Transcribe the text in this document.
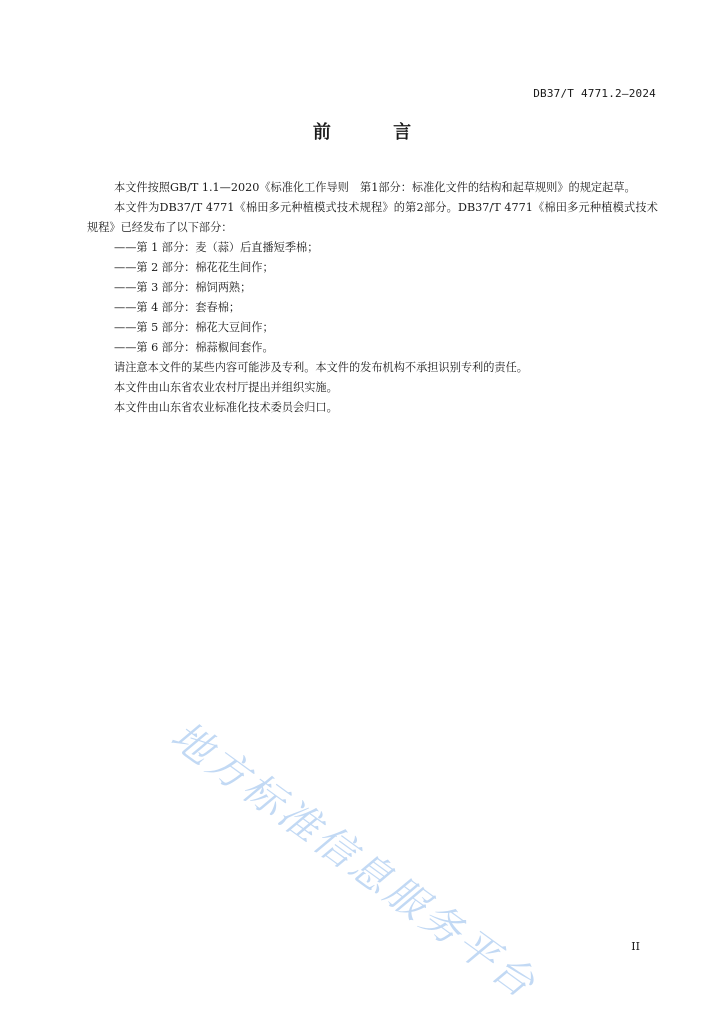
DB37/T 4771.2—2024
前 言

本文件按照GB/T 1.1—2020《标准化工作导则　第1部分：标准化文件的结构和起草规则》的规定起草。

本文件为DB37/T 4771《棉田多元种植模式技术规程》的第2部分。DB37/T 4771《棉田多元种植模式技术规程》已经发布了以下部分：

——第 1 部分：麦（蒜）后直播短季棉；

——第 2 部分：棉花花生间作；

——第 3 部分：棉饲两熟；

——第 4 部分：套春棉；

——第 5 部分：棉花大豆间作；

——第 6 部分：棉蒜椒间套作。

请注意本文件的某些内容可能涉及专利。本文件的发布机构不承担识别专利的责任。

本文件由山东省农业农村厅提出并组织实施。

本文件由山东省农业标准化技术委员会归口。

地方标准信息服务平台	II
